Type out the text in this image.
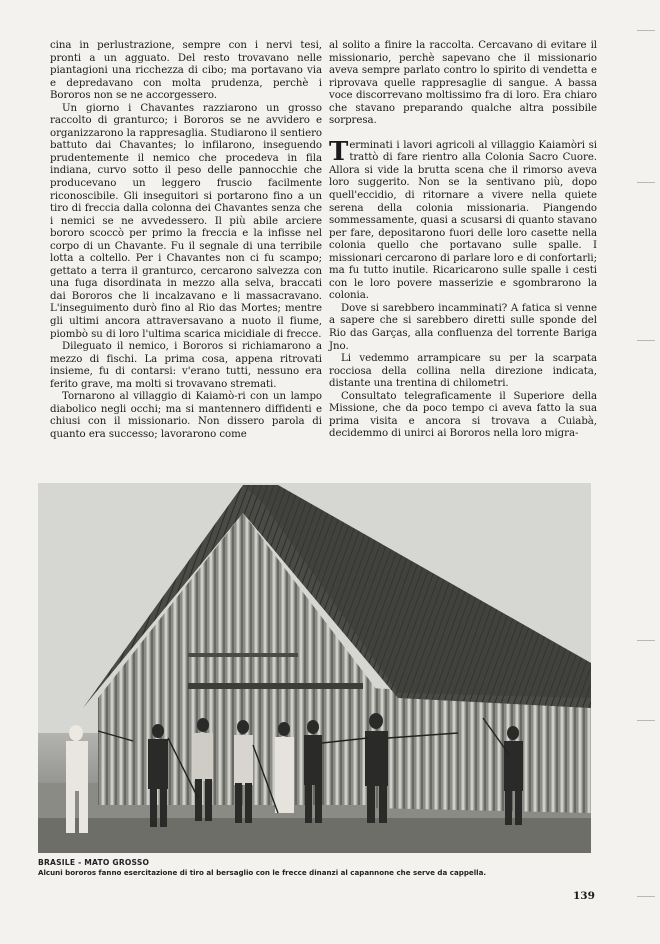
cina in perlustrazione, sempre con i nervi tesi, pronti a un agguato. Del resto trovavano nelle piantagioni una ricchezza di cibo; ma portavano via e depredavano con molta prudenza, perchè i Bororos non se ne accorgessero.

Un giorno i Chavantes razziarono un grosso raccolto di granturco; i Bororos se ne avvidero e organizzarono la rappresaglia. Studiarono il sentiero battuto dai Chavantes; lo infilarono, inseguendo prudentemente il nemico che procedeva in fila indiana, curvo sotto il peso delle pannocchie che producevano un leggero fruscio facilmente riconoscibile. Gli inseguitori si portarono fino a un tiro di freccia dalla colonna dei Chavantes senza che i nemici se ne avvedessero. Il più abile arciere bororo scoccò per primo la freccia e la infisse nel corpo di un Chavante. Fu il segnale di una terribile lotta a coltello. Per i Chavantes non ci fu scampo; gettato a terra il granturco, cercarono salvezza con una fuga disordinata in mezzo alla selva, braccati dai Bororos che li incalzavano e li massacravano. L'inseguimento durò fino al Rio das Mortes; mentre gli ultimi ancora attraversavano a nuoto il fiume, piombò su di loro l'ultima scarica micidiale di frecce.

Dileguato il nemico, i Bororos si richiamarono a mezzo di fischi. La prima cosa, appena ritrovati insieme, fu di contarsi: v'erano tutti, nessuno era ferito grave, ma molti si trovavano stremati.

Tornarono al villaggio di Kaiamò-ri con un lampo diabolico negli occhi; ma si mantennero diffidenti e chiusi con il missionario. Non dissero parola di quanto era successo; lavorarono come

al solito a finire la raccolta. Cercavano di evitare il missionario, perchè sapevano che il missionario aveva sempre parlato contro lo spirito di vendetta e riprovava quelle rappresaglie di sangue. A bassa voce discorrevano moltissimo fra di loro. Era chiaro che stavano preparando qualche altra possibile sorpresa.

Terminati i lavori agricoli al villaggio Kaiamòri si trattò di fare rientro alla Colonia Sacro Cuore. Allora si vide la brutta scena che il rimorso aveva loro suggerito. Non se la sentivano più, dopo quell'eccidio, di ritornare a vivere nella quiete serena della colonia missionaria. Piangendo sommessamente, quasi a scusarsi di quanto stavano per fare, depositarono fuori delle loro casette nella colonia quello che portavano sulle spalle. I missionari cercarono di parlare loro e di confortarli; ma fu tutto inutile. Ricaricarono sulle spalle i cesti con le loro povere masserizie e sgombrarono la colonia.

Dove si sarebbero incamminati? A fatica si venne a sapere che si sarebbero diretti sulle sponde del Rio das Garças, alla confluenza del torrente Bariga Jno.

Li vedemmo arrampicare su per la scarpata rocciosa della collina nella direzione indicata, distante una trentina di chilometri.

Consultato telegraficamente il Superiore della Missione, che da poco tempo ci aveva fatto la sua prima visita e ancora si trovava a Cuiabà, decidemmo di unirci ai Bororos nella loro migra-

BRASILE - MATO GROSSO
Alcuni bororos fanno esercitazione di tiro al bersaglio con le frecce dinanzi al capannone che serve da cappella.
139
